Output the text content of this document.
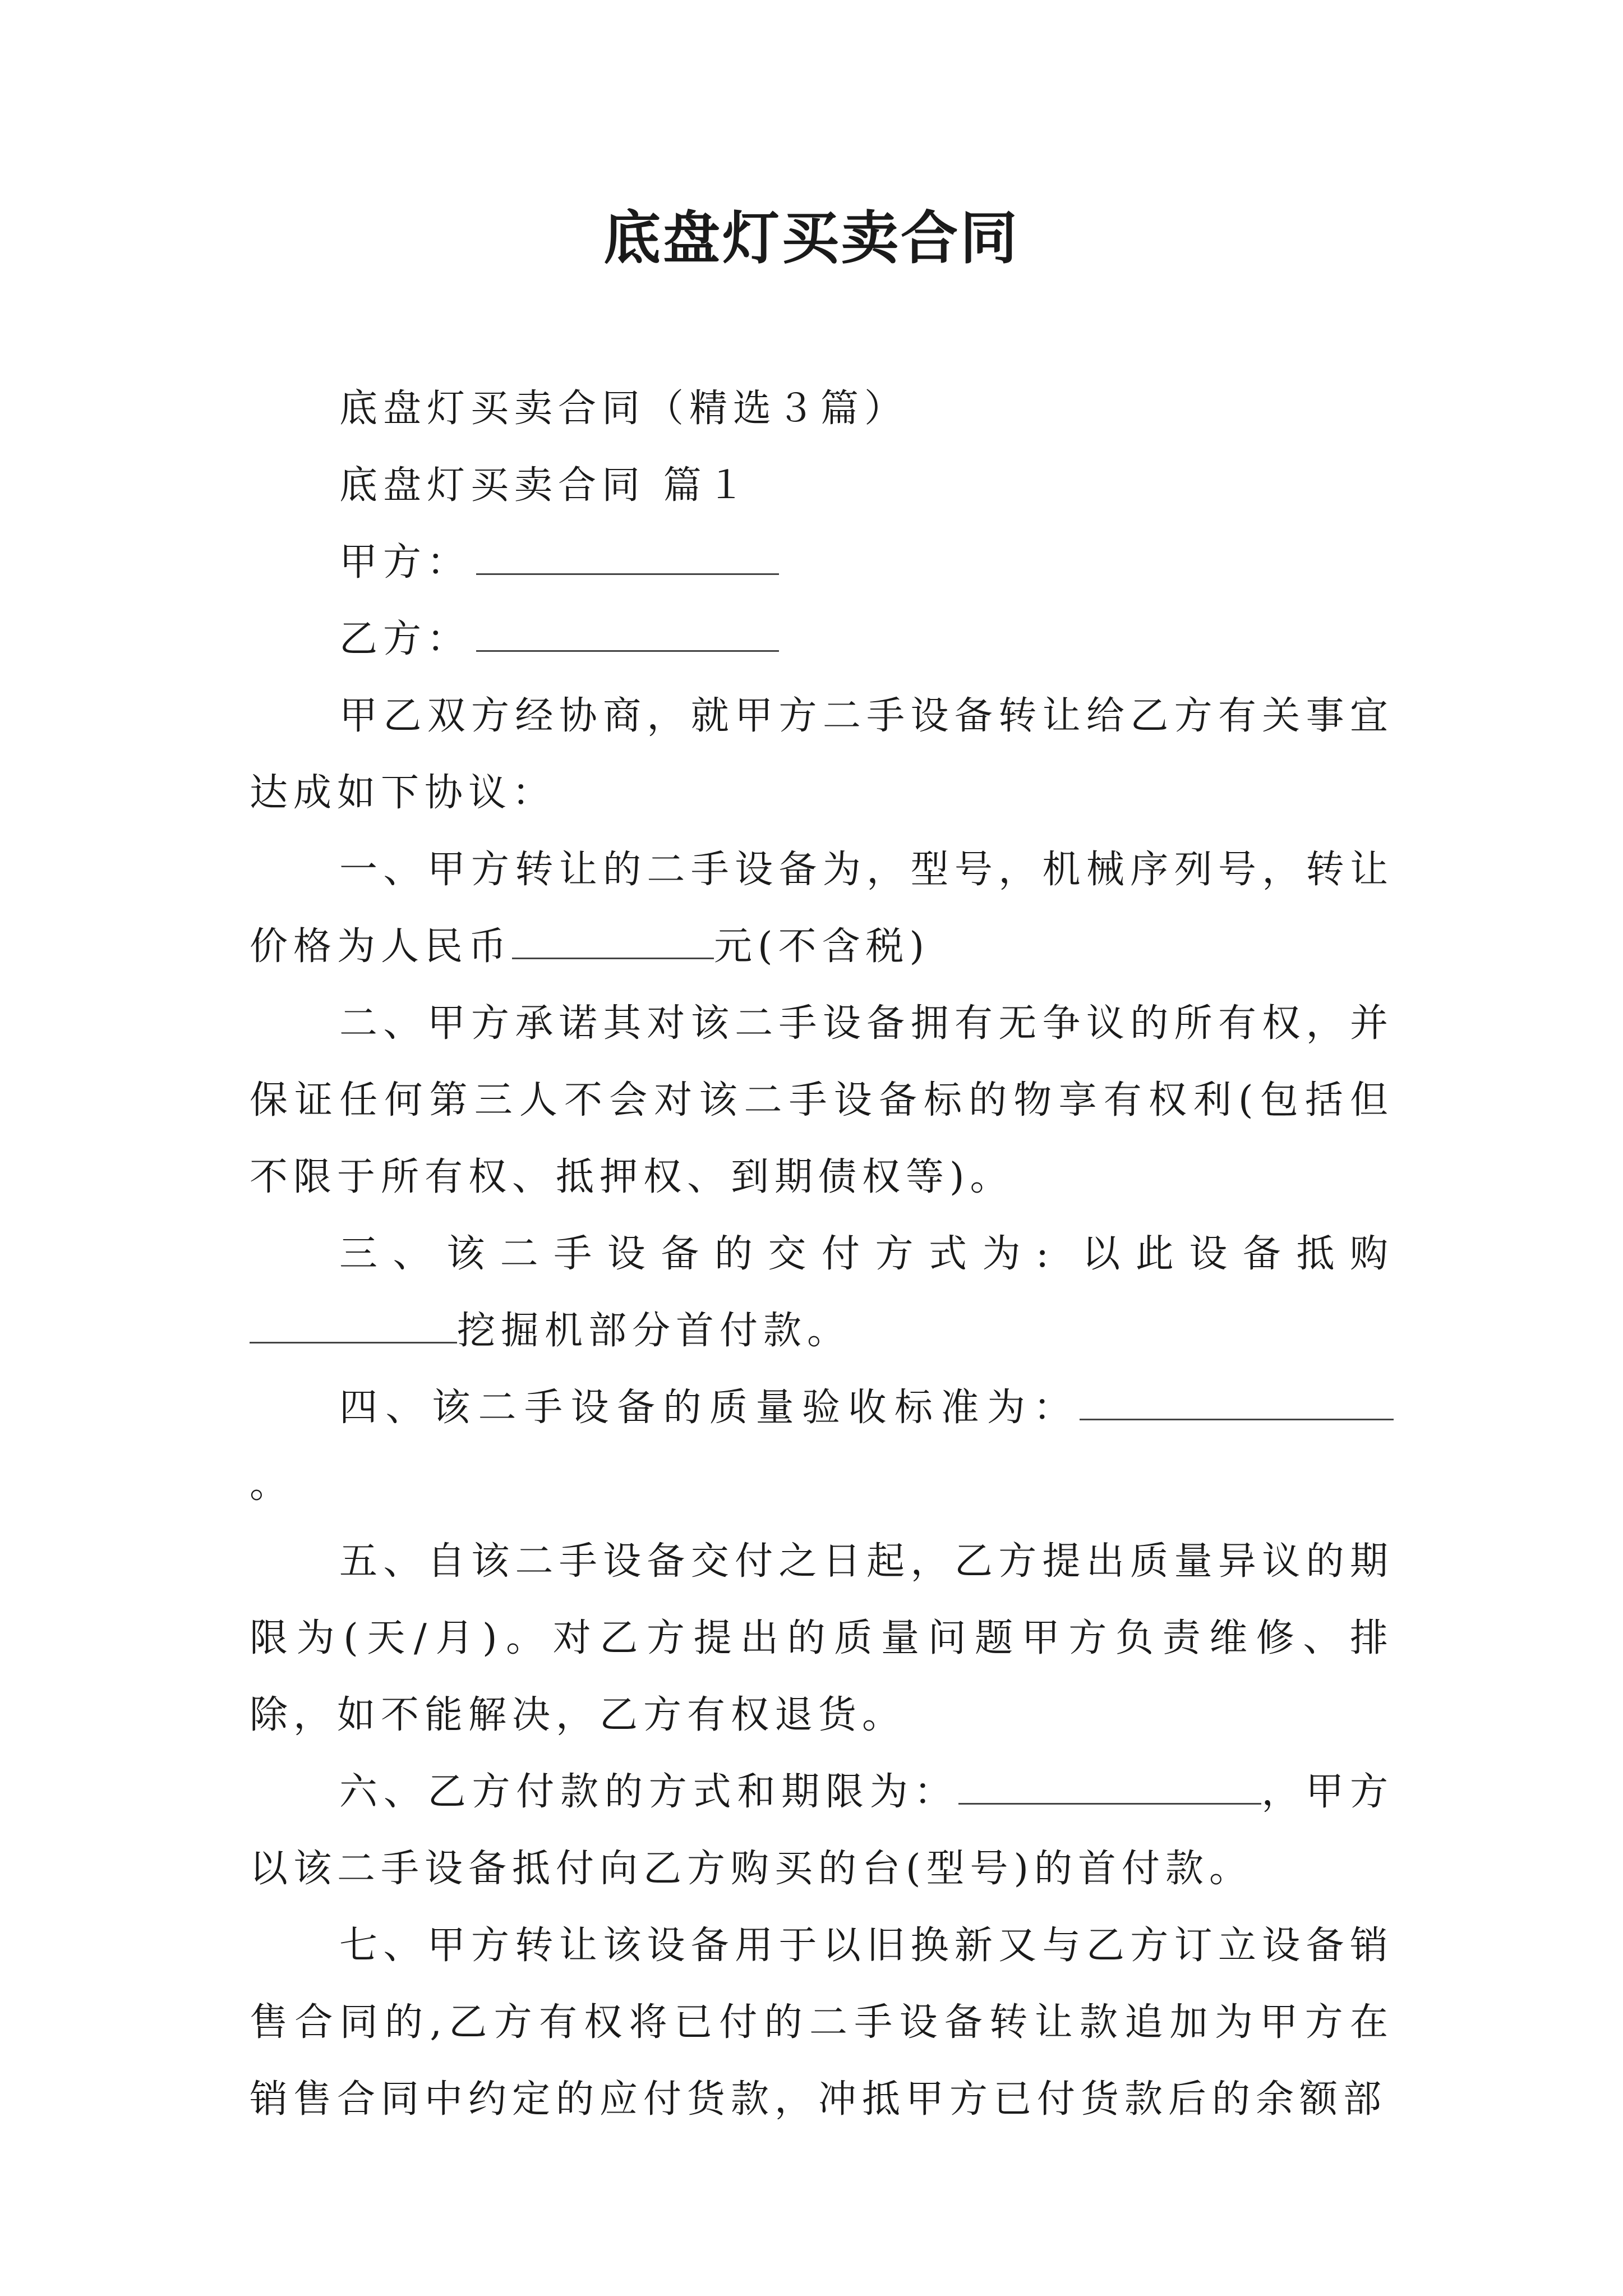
底盘灯买卖合同

底盘灯买卖合同（精选３篇）

底盘灯买卖合同 篇１

甲方：

乙方：

甲乙双方经协商，就甲方二手设备转让给乙方有关事宜达成如下协议：

一、甲方转让的二手设备为，型号，机械序列号，转让价格为人民币	元(不含税)

二、甲方承诺其对该二手设备拥有无争议的所有权，并保证任何第三人不会对该二手设备标的物享有权利(包括但不限于所有权、抵押权、到期债权等)。

三、该二手设备的交付方式为: 以此设备抵购挖掘机部分首付款。

四、该二手设备的质量验收标准为：。

五、自该二手设备交付之日起，乙方提出质量异议的期限为(天/月)。对乙方提出的质量问题甲方负责维修、排除，如不能解决，乙方有权退货。

六、乙方付款的方式和期限为：	，甲方以该二手设备抵付向乙方购买的台(型号)的首付款。

七、甲方转让该设备用于以旧换新又与乙方订立设备销售合同的,乙方有权将已付的二手设备转让款追加为甲方在销售合同中约定的应付货款，冲抵甲方已付货款后的余额部
